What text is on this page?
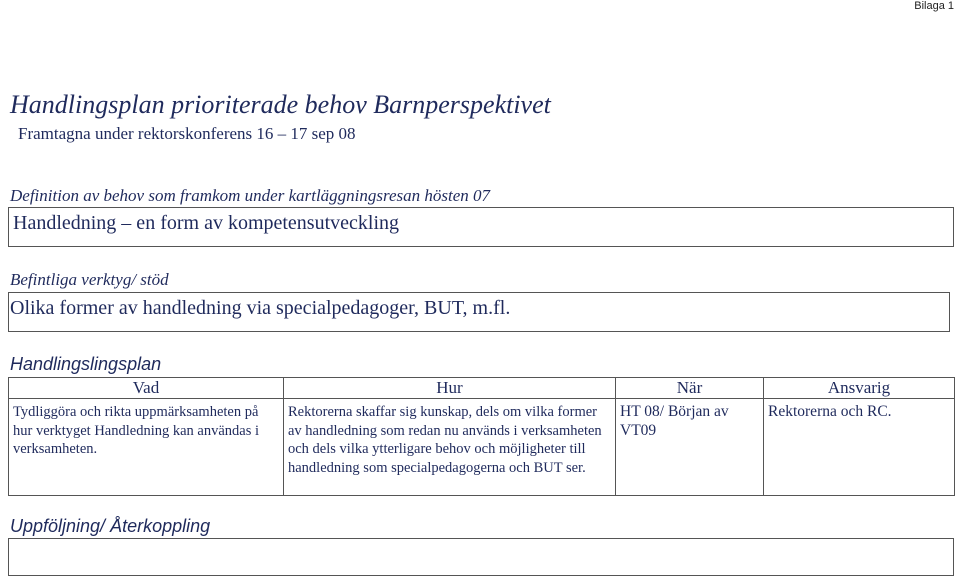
Bilaga 1
Handlingsplan prioriterade behov Barnperspektivet
Framtagna under rektorskonferens 16 – 17 sep 08
Definition av behov som framkom under kartläggningsresan hösten 07
Handledning – en form av kompetensutveckling
Befintliga verktyg/ stöd
Olika former av handledning via specialpedagoger, BUT, m.fl.
Handlingslingsplan
Vad	Hur	När	Ansvarig
Tydliggöra och rikta uppmärksamheten på hur verktyget Handledning kan användas i verksamheten.	Rektorerna skaffar sig kunskap, dels om vilka former av handledning som redan nu används i verksamheten och dels vilka ytterligare behov och möjligheter till handledning som specialpedagogerna och BUT ser.	HT 08/ Början av VT09	Rektorerna och RC.
Uppföljning/ Återkoppling
